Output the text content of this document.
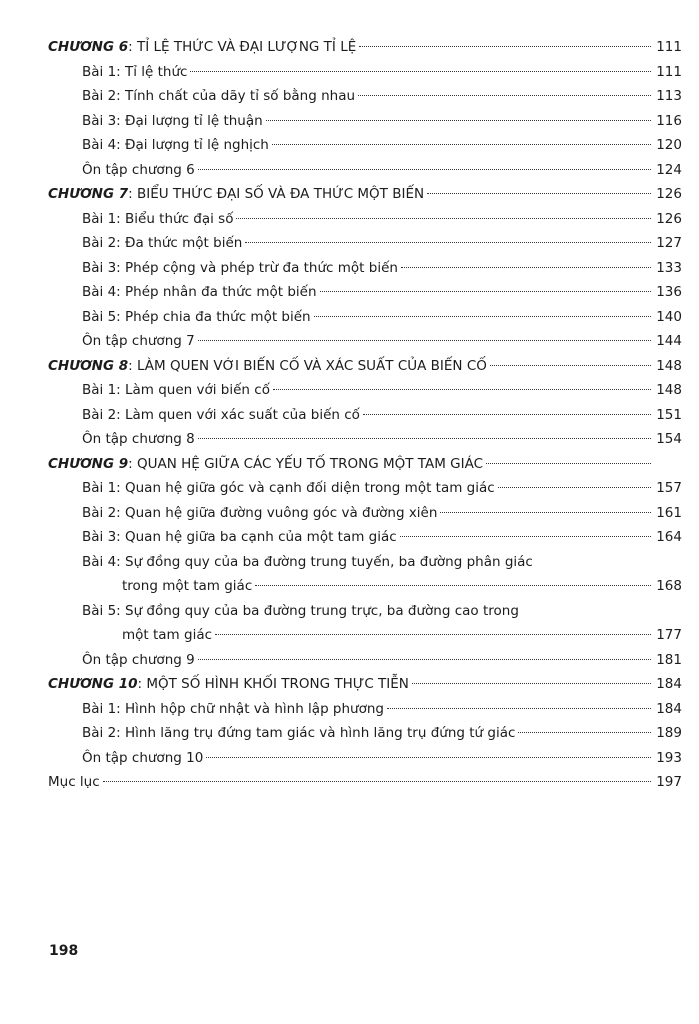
CHƯƠNG 6: TỈ LỆ THỨC VÀ ĐẠI LƯỢNG TỈ LỆ	111
Bài 1: Tỉ lệ thức	111
Bài 2: Tính chất của dãy tỉ số bằng nhau	113
Bài 3: Đại lượng tỉ lệ thuận	116
Bài 4: Đại lượng tỉ lệ nghịch	120
Ôn tập chương 6	124
CHƯƠNG 7: BIỂU THỨC ĐẠI SỐ VÀ ĐA THỨC MỘT BIẾN	126
Bài 1: Biểu thức đại số	126
Bài 2: Đa thức một biến	127
Bài 3: Phép cộng và phép trừ đa thức một biến	133
Bài 4: Phép nhân đa thức một biến	136
Bài 5: Phép chia đa thức một biến	140
Ôn tập chương 7	144
CHƯƠNG 8: LÀM QUEN VỚI BIẾN CỐ VÀ XÁC SUẤT CỦA BIẾN CỐ	148
Bài 1: Làm quen với biến cố	148
Bài 2: Làm quen với xác suất của biến cố	151
Ôn tập chương 8	154
CHƯƠNG 9: QUAN HỆ GIỮA CÁC YẾU TỐ TRONG MỘT TAM GIÁC
Bài 1: Quan hệ giữa góc và cạnh đối diện trong một tam giác	157
Bài 2: Quan hệ giữa đường vuông góc và đường xiên	161
Bài 3: Quan hệ giữa ba cạnh của một tam giác	164
Bài 4: Sự đồng quy của ba đường trung tuyến, ba đường phân giác
trong một tam giác	168
Bài 5: Sự đồng quy của ba đường trung trực, ba đường cao trong
một tam giác	177
Ôn tập chương 9	181
CHƯƠNG 10: MỘT SỐ HÌNH KHỐI TRONG THỰC TIỄN	184
Bài 1: Hình hộp chữ nhật và hình lập phương	184
Bài 2: Hình lăng trụ đứng tam giác và hình lăng trụ đứng tứ giác	189
Ôn tập chương 10	193
Mục lục	197
198
